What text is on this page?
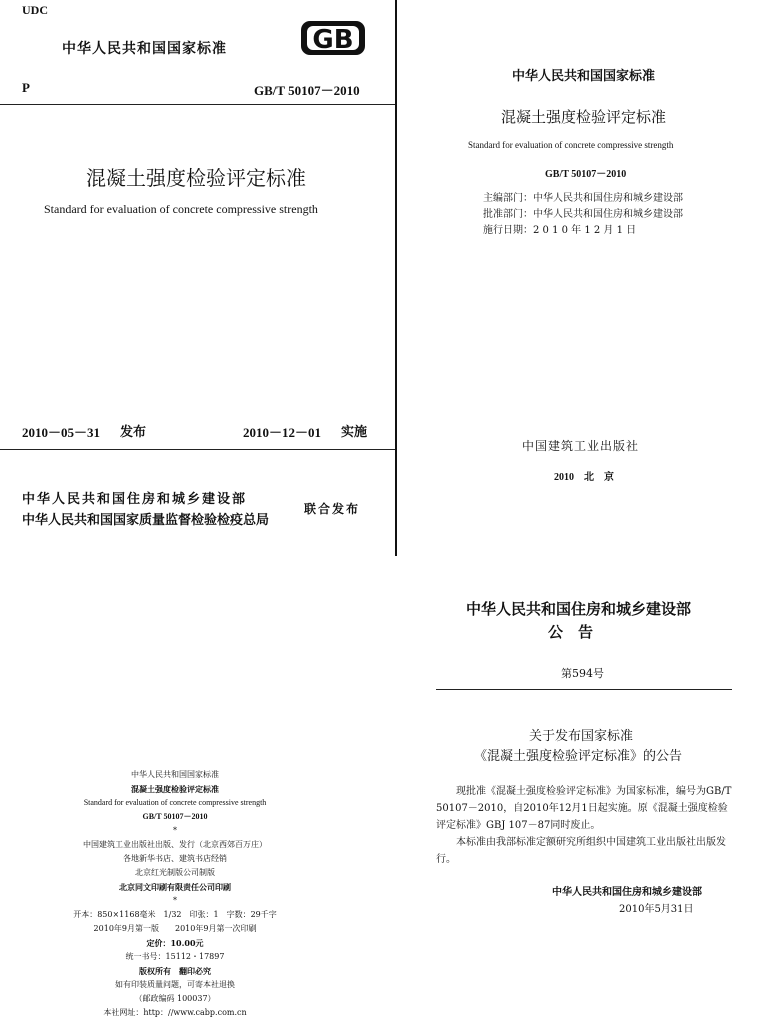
UDC
中华人民共和国国家标准	GB
P	GB/T 50107－2010
混凝土强度检验评定标准
Standard for evaluation of concrete compressive strength
2010－05－31 发布	2010－12－01 实施
中华人民共和国住房和城乡建设部
中华人民共和国国家质量监督检验检疫总局
联合发布
中华人民共和国国家标准
混凝土强度检验评定标准
Standard for evaluation of concrete compressive strength
GB/T 50107－2010
主编部门：中华人民共和国住房和城乡建设部
批准部门：中华人民共和国住房和城乡建设部
施行日期：2 0 1 0 年 1 2 月 1 日
中国建筑工业出版社
2010　北　京
中华人民共和国国家标准
混凝土强度检验评定标准
Standard for evaluation of concrete compressive strength
GB/T 50107－2010
*
中国建筑工业出版社出版、发行（北京西郊百万庄）
各地新华书店、建筑书店经销
北京红光制版公司制版
北京同文印刷有限责任公司印刷
*
开本：850×1168毫米　1/32　印张：1　字数：29千字
2010年9月第一版　　2010年9月第一次印刷
定价：10.00元
统一书号：15112・17897
版权所有　翻印必究
如有印装质量问题，可寄本社退换
（邮政编码 100037）
本社网址：http：//www.cabp.com.cn
中华人民共和国住房和城乡建设部
公　告
第594号
关于发布国家标准
《混凝土强度检验评定标准》的公告
现批准《混凝土强度检验评定标准》为国家标准，编号为GB/T 50107－2010，自2010年12月1日起实施。原《混凝土强度检验评定标准》GBJ 107－87同时废止。
本标准由我部标准定额研究所组织中国建筑工业出版社出版发行。
中华人民共和国住房和城乡建设部
2010年5月31日
